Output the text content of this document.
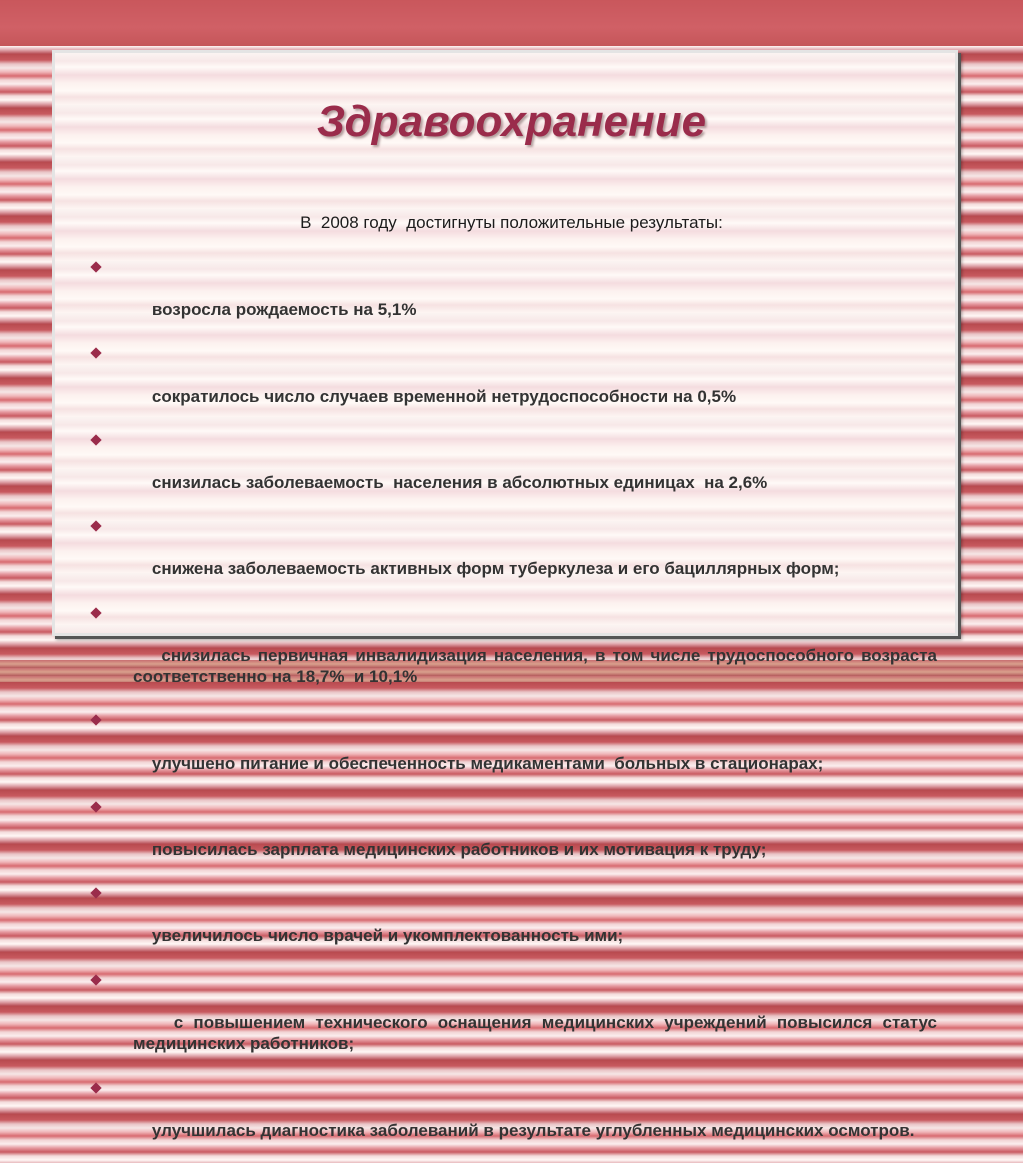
Здравоохранение

В  2008 году  достигнуты положительные результаты:

возросла рождаемость на 5,1%

сократилось число случаев временной нетрудоспособности на 0,5%

снизилась заболеваемость  населения в абсолютных единицах  на 2,6%

снижена заболеваемость активных форм туберкулеза и его бациллярных форм;

снизилась первичная инвалидизация населения, в том числе трудоспособного возраста соответственно на 18,7%  и 10,1%

улучшено питание и обеспеченность медикаментами  больных в стационарах;

повысилась зарплата медицинских работников и их мотивация к труду;

увеличилось число врачей и укомплектованность ими;

с повышением технического оснащения медицинских учреждений повысился статус медицинских работников;

улучшилась диагностика заболеваний в результате углубленных медицинских осмотров.
